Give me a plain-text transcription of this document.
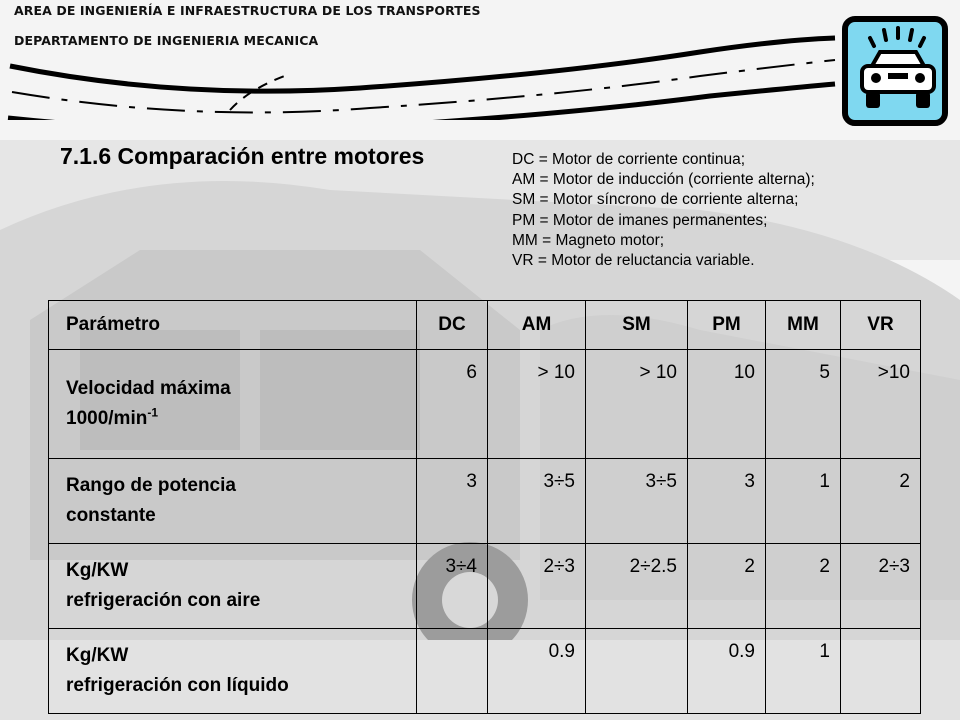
AREA DE INGENIERÍA E INFRAESTRUCTURA DE LOS TRANSPORTES
DEPARTAMENTO DE INGENIERIA MECANICA
7.1.6 Comparación entre motores	DC = Motor de corriente continua;
AM = Motor de inducción (corriente alterna);
SM = Motor síncrono de corriente alterna;
PM = Motor de imanes permanentes;
MM = Magneto motor;
VR = Motor de reluctancia variable.
Parámetro	DC	AM	SM	PM	MM	VR
Velocidad máxima
$1000/\min^{-1}$	6	> 10	> 10	10	5	>10
Rango de potencia
constante	3	3÷5	3÷5	3	1	2
Kg/KW
refrigeración con aire	3÷4	2÷3	2÷2.5	2	2	2÷3
Kg/KW
refrigeración con líquido		0.9		0.9	1	
